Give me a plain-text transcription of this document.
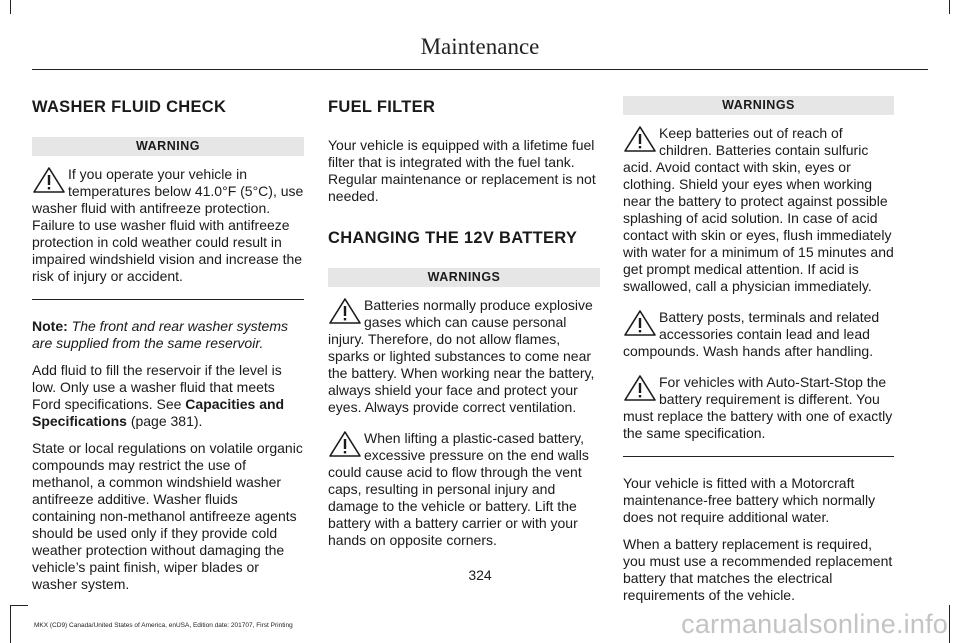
Maintenance
WASHER FLUID CHECK
WARNING
If you operate your vehicle in temperatures below 41.0°F (5°C), use washer fluid with antifreeze protection. Failure to use washer fluid with antifreeze protection in cold weather could result in impaired windshield vision and increase the risk of injury or accident.

Note: The front and rear washer systems are supplied from the same reservoir.

Add fluid to fill the reservoir if the level is low. Only use a washer fluid that meets Ford specifications. See Capacities and Specifications (page 381).

State or local regulations on volatile organic compounds may restrict the use of methanol, a common windshield washer antifreeze additive. Washer fluids containing non-methanol antifreeze agents should be used only if they provide cold weather protection without damaging the vehicle’s paint finish, wiper blades or washer system.

FUEL FILTER

Your vehicle is equipped with a lifetime fuel filter that is integrated with the fuel tank. Regular maintenance or replacement is not needed.

CHANGING THE 12V BATTERY
WARNINGS
Batteries normally produce explosive gases which can cause personal injury. Therefore, do not allow flames, sparks or lighted substances to come near the battery. When working near the battery, always shield your face and protect your eyes. Always provide correct ventilation.
When lifting a plastic-cased battery, excessive pressure on the end walls could cause acid to flow through the vent caps, resulting in personal injury and damage to the vehicle or battery. Lift the battery with a battery carrier or with your hands on opposite corners.
WARNINGS
Keep batteries out of reach of children. Batteries contain sulfuric acid. Avoid contact with skin, eyes or clothing. Shield your eyes when working near the battery to protect against possible splashing of acid solution. In case of acid contact with skin or eyes, flush immediately with water for a minimum of 15 minutes and get prompt medical attention. If acid is swallowed, call a physician immediately.
Battery posts, terminals and related accessories contain lead and lead compounds. Wash hands after handling.
For vehicles with Auto-Start-Stop the battery requirement is different. You must replace the battery with one of exactly the same specification.

Your vehicle is fitted with a Motorcraft maintenance-free battery which normally does not require additional water.

When a battery replacement is required, you must use a recommended replacement battery that matches the electrical requirements of the vehicle.

324
MKX (CD9) Canada/United States of America, enUSA, Edition date: 201707, First Printing	carmanualsonline.info
